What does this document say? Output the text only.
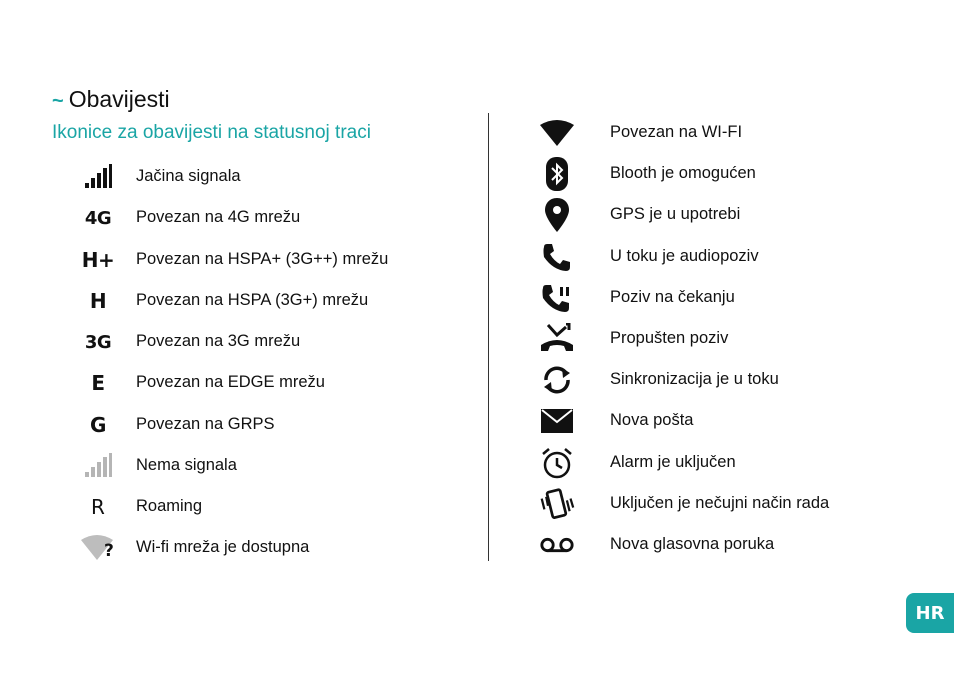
~ Obavijesti
Ikonice za obavijesti na statusnoj traci
Jačina signala
4G Povezan na 4G mrežu
H+ Povezan na HSPA+ (3G++) mrežu
H	Povezan na HSPA (3G+) mrežu
3G Povezan na 3G mrežu
E	Povezan na EDGE mrežu
G	Povezan na GRPS
Nema signala
R	Roaming
? Wi-fi mreža je dostupna
Povezan na WI-FI
Blooth je omogućen
GPS je u upotrebi
U toku je audiopoziv
Poziv na čekanju
Propušten poziv
Sinkronizacija je u toku
Nova pošta
Alarm je uključen
Uključen je nečujni način rada
Nova glasovna poruka
HR
